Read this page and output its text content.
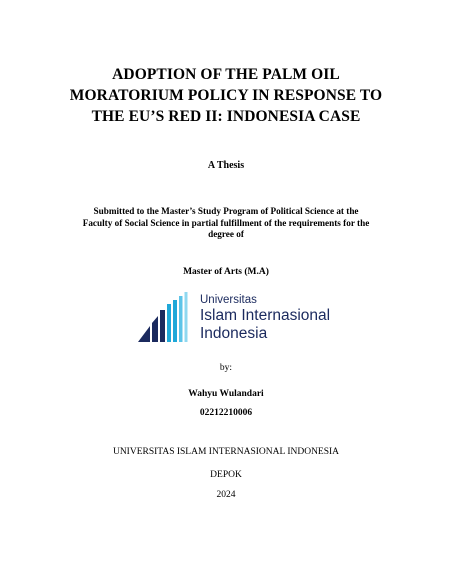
ADOPTION OF THE PALM OIL
MORATORIUM POLICY IN RESPONSE TO
THE EU’S RED II: INDONESIA CASE
A Thesis
Submitted to the Master’s Study Program of Political Science at the
Faculty of Social Science in partial fulfillment of the requirements for the
degree of
Master of Arts (M.A)
Universitas
Islam Internasional
Indonesia
by:
Wahyu Wulandari
02212210006
UNIVERSITAS ISLAM INTERNASIONAL INDONESIA
DEPOK
2024
